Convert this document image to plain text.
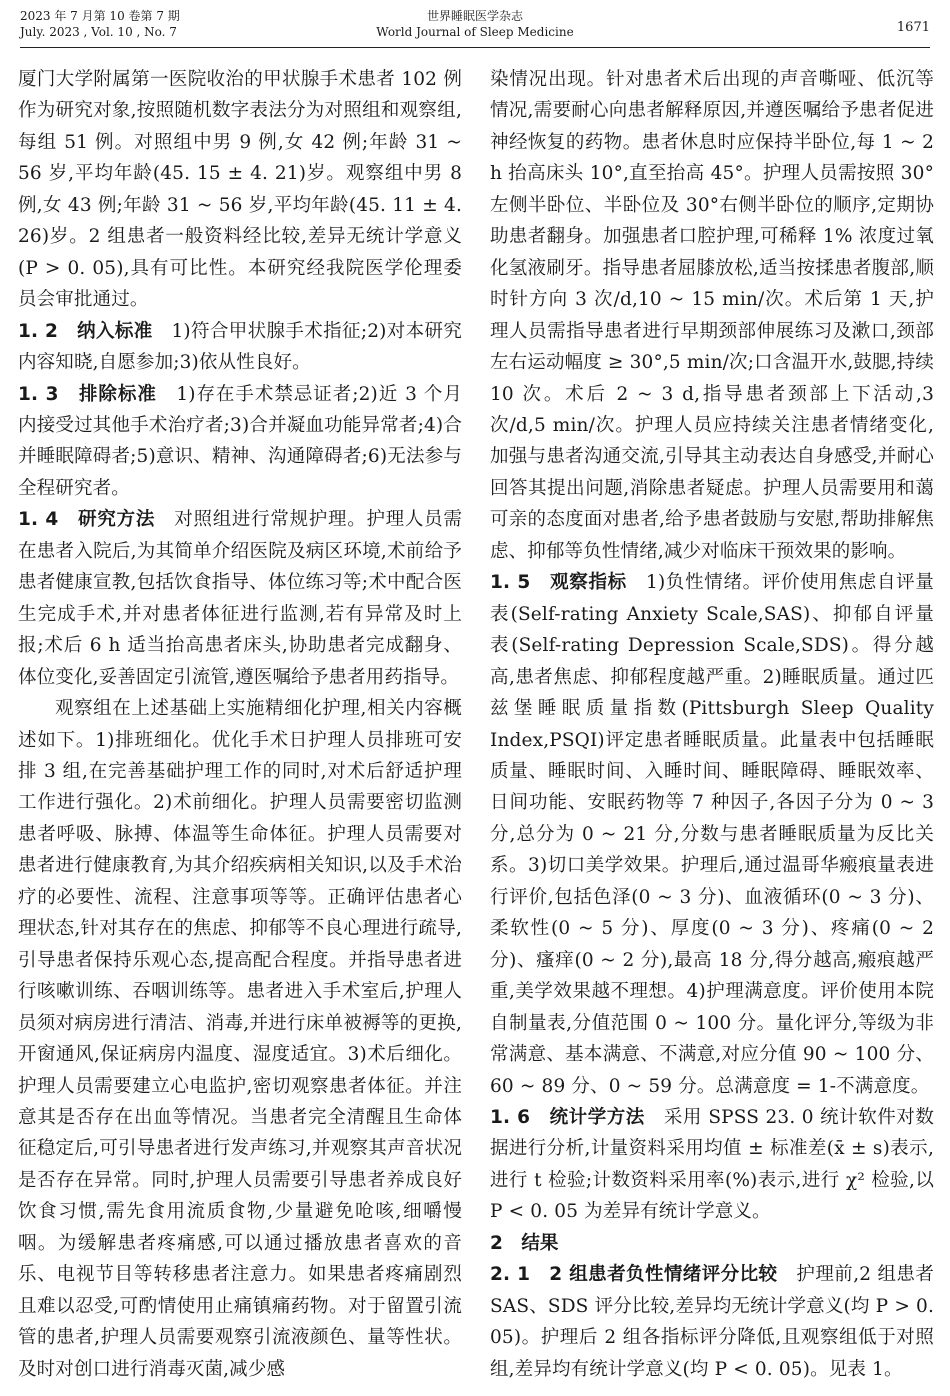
2023 年 7 月第 10 卷第 7 期
July. 2023 , Vol. 10 , No. 7
世界睡眠医学杂志
World Journal of Sleep Medicine	1671

厦门大学附属第一医院收治的甲状腺手术患者 102 例作为研究对象,按照随机数字表法分为对照组和观察组,每组 51 例。对照组中男 9 例,女 42 例;年龄 31 ~ 56 岁,平均年龄(45. 15 ± 4. 21)岁。观察组中男 8 例,女 43 例;年龄 31 ~ 56 岁,平均年龄(45. 11 ± 4. 26)岁。2 组患者一般资料经比较,差异无统计学意义(P > 0. 05),具有可比性。本研究经我院医学伦理委员会审批通过。

1. 2　纳入标准　1)符合甲状腺手术指征;2)对本研究内容知晓,自愿参加;3)依从性良好。

1. 3　排除标准　1)存在手术禁忌证者;2)近 3 个月内接受过其他手术治疗者;3)合并凝血功能异常者;4)合并睡眠障碍者;5)意识、精神、沟通障碍者;6)无法参与全程研究者。

1. 4　研究方法　对照组进行常规护理。护理人员需在患者入院后,为其简单介绍医院及病区环境,术前给予患者健康宣教,包括饮食指导、体位练习等;术中配合医生完成手术,并对患者体征进行监测,若有异常及时上报;术后 6 h 适当抬高患者床头,协助患者完成翻身、体位变化,妥善固定引流管,遵医嘱给予患者用药指导。

观察组在上述基础上实施精细化护理,相关内容概述如下。1)排班细化。优化手术日护理人员排班可安排 3 组,在完善基础护理工作的同时,对术后舒适护理工作进行强化。2)术前细化。护理人员需要密切监测患者呼吸、脉搏、体温等生命体征。护理人员需要对患者进行健康教育,为其介绍疾病相关知识,以及手术治疗的必要性、流程、注意事项等等。正确评估患者心理状态,针对其存在的焦虑、抑郁等不良心理进行疏导,引导患者保持乐观心态,提高配合程度。并指导患者进行咳嗽训练、吞咽训练等。患者进入手术室后,护理人员须对病房进行清洁、消毒,并进行床单被褥等的更换,开窗通风,保证病房内温度、湿度适宜。3)术后细化。护理人员需要建立心电监护,密切观察患者体征。并注意其是否存在出血等情况。当患者完全清醒且生命体征稳定后,可引导患者进行发声练习,并观察其声音状况是否存在异常。同时,护理人员需要引导患者养成良好饮食习惯,需先食用流质食物,少量避免呛咳,细嚼慢咽。为缓解患者疼痛感,可以通过播放患者喜欢的音乐、电视节目等转移患者注意力。如果患者疼痛剧烈且难以忍受,可酌情使用止痛镇痛药物。对于留置引流管的患者,护理人员需要观察引流液颜色、量等性状。及时对创口进行消毒灭菌,减少感

染情况出现。针对患者术后出现的声音嘶哑、低沉等情况,需要耐心向患者解释原因,并遵医嘱给予患者促进神经恢复的药物。患者休息时应保持半卧位,每 1 ~ 2 h 抬高床头 10°,直至抬高 45°。护理人员需按照 30°左侧半卧位、半卧位及 30°右侧半卧位的顺序,定期协助患者翻身。加强患者口腔护理,可稀释 1% 浓度过氧化氢液刷牙。指导患者屈膝放松,适当按揉患者腹部,顺时针方向 3 次/d,10 ~ 15 min/次。术后第 1 天,护理人员需指导患者进行早期颈部伸展练习及漱口,颈部左右运动幅度 ≥ 30°,5 min/次;口含温开水,鼓腮,持续 10 次。术后 2 ~ 3 d,指导患者颈部上下活动,3 次/d,5 min/次。护理人员应持续关注患者情绪变化,加强与患者沟通交流,引导其主动表达自身感受,并耐心回答其提出问题,消除患者疑虑。护理人员需要用和蔼可亲的态度面对患者,给予患者鼓励与安慰,帮助排解焦虑、抑郁等负性情绪,减少对临床干预效果的影响。

1. 5　观察指标　1)负性情绪。评价使用焦虑自评量表(Self-rating Anxiety Scale,SAS)、抑郁自评量表(Self-rating Depression Scale,SDS)。得分越高,患者焦虑、抑郁程度越严重。2)睡眠质量。通过匹兹堡睡眠质量指数(Pittsburgh Sleep Quality Index,PSQI)评定患者睡眠质量。此量表中包括睡眠质量、睡眠时间、入睡时间、睡眠障碍、睡眠效率、日间功能、安眠药物等 7 种因子,各因子分为 0 ~ 3 分,总分为 0 ~ 21 分,分数与患者睡眠质量为反比关系。3)切口美学效果。护理后,通过温哥华瘢痕量表进行评价,包括色泽(0 ~ 3 分)、血液循环(0 ~ 3 分)、柔软性(0 ~ 5 分)、厚度(0 ~ 3 分)、疼痛(0 ~ 2 分)、瘙痒(0 ~ 2 分),最高 18 分,得分越高,瘢痕越严重,美学效果越不理想。4)护理满意度。评价使用本院自制量表,分值范围 0 ~ 100 分。量化评分,等级为非常满意、基本满意、不满意,对应分值 90 ~ 100 分、60 ~ 89 分、0 ~ 59 分。总满意度 = 1-不满意度。

1. 6　统计学方法　采用 SPSS 23. 0 统计软件对数据进行分析,计量资料采用均值 ± 标准差(x̄ ± s)表示,进行 t 检验;计数资料采用率(%)表示,进行 χ² 检验,以 P < 0. 05 为差异有统计学意义。

2　结果

2. 1　2 组患者负性情绪评分比较　护理前,2 组患者 SAS、SDS 评分比较,差异均无统计学意义(均 P > 0. 05)。护理后 2 组各指标评分降低,且观察组低于对照组,差异均有统计学意义(均 P < 0. 05)。见表 1。
